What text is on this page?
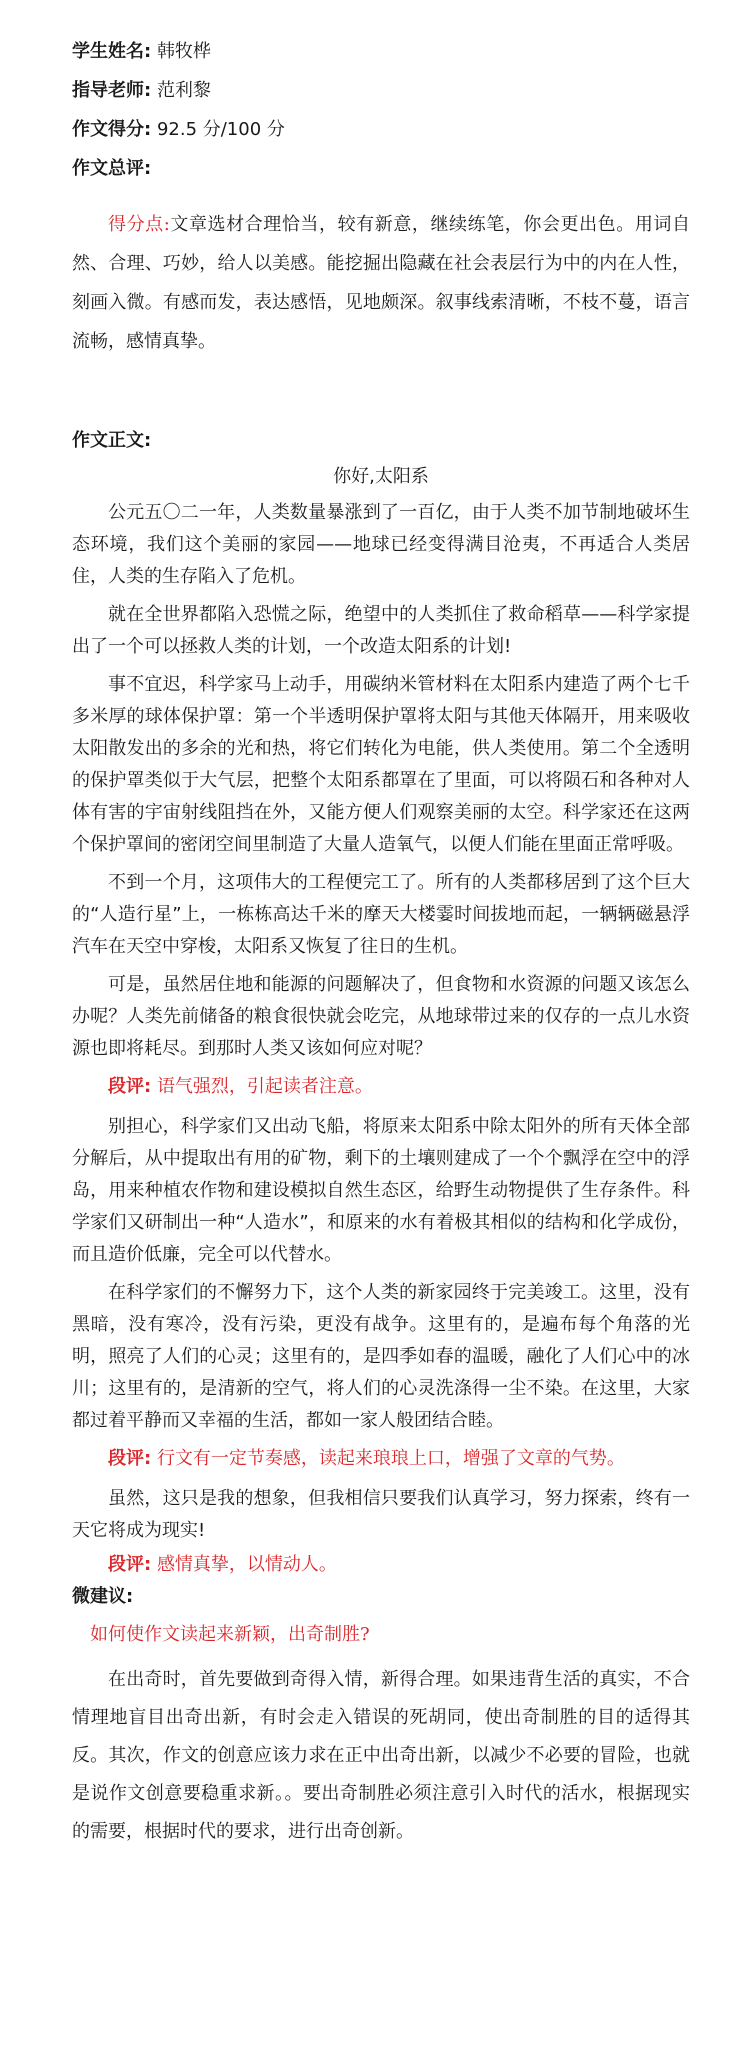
学生姓名: 韩牧桦
指导老师: 范利黎
作文得分: 92.5 分/100 分
作文总评:
得分点:文章选材合理恰当，较有新意，继续练笔，你会更出色。用词自然、合理、巧妙，给人以美感。能挖掘出隐藏在社会表层行为中的内在人性，刻画入微。有感而发，表达感悟，见地颇深。叙事线索清晰，不枝不蔓，语言流畅，感情真挚。
作文正文:
你好,太阳系

公元五〇二一年，人类数量暴涨到了一百亿，由于人类不加节制地破坏生态环境，我们这个美丽的家园——地球已经变得满目沧夷，不再适合人类居住，人类的生存陷入了危机。

就在全世界都陷入恐慌之际，绝望中的人类抓住了救命稻草——科学家提出了一个可以拯救人类的计划，一个改造太阳系的计划!

事不宜迟，科学家马上动手，用碳纳米管材料在太阳系内建造了两个七千多米厚的球体保护罩：第一个半透明保护罩将太阳与其他天体隔开，用来吸收太阳散发出的多余的光和热，将它们转化为电能，供人类使用。第二个全透明的保护罩类似于大气层，把整个太阳系都罩在了里面，可以将陨石和各种对人体有害的宇宙射线阻挡在外，又能方便人们观察美丽的太空。科学家还在这两个保护罩间的密闭空间里制造了大量人造氧气，以便人们能在里面正常呼吸。

不到一个月，这项伟大的工程便完工了。所有的人类都移居到了这个巨大的“人造行星”上，一栋栋高达千米的摩天大楼霎时间拔地而起，一辆辆磁悬浮汽车在天空中穿梭，太阳系又恢复了往日的生机。

可是，虽然居住地和能源的问题解决了，但食物和水资源的问题又该怎么办呢？人类先前储备的粮食很快就会吃完，从地球带过来的仅存的一点儿水资源也即将耗尽。到那时人类又该如何应对呢？

段评: 语气强烈，引起读者注意。

别担心，科学家们又出动飞船，将原来太阳系中除太阳外的所有天体全部分解后，从中提取出有用的矿物，剩下的土壤则建成了一个个飘浮在空中的浮岛，用来种植农作物和建设模拟自然生态区，给野生动物提供了生存条件。科学家们又研制出一种“人造水”，和原来的水有着极其相似的结构和化学成份，而且造价低廉，完全可以代替水。

在科学家们的不懈努力下，这个人类的新家园终于完美竣工。这里，没有黑暗，没有寒冷，没有污染，更没有战争。这里有的，是遍布每个角落的光明，照亮了人们的心灵；这里有的，是四季如春的温暖，融化了人们心中的冰川；这里有的，是清新的空气，将人们的心灵洗涤得一尘不染。在这里，大家都过着平静而又幸福的生活，都如一家人般团结合睦。

段评: 行文有一定节奏感，读起来琅琅上口，增强了文章的气势。

虽然，这只是我的想象，但我相信只要我们认真学习，努力探索，终有一天它将成为现实!

段评: 感情真挚，以情动人。
微建议:
如何使作文读起来新颖，出奇制胜?
在出奇时，首先要做到奇得入情，新得合理。如果违背生活的真实，不合情理地盲目出奇出新，有时会走入错误的死胡同，使出奇制胜的目的适得其反。其次，作文的创意应该力求在正中出奇出新，以减少不必要的冒险，也就是说作文创意要稳重求新。。要出奇制胜必须注意引入时代的活水，根据现实的需要，根据时代的要求，进行出奇创新。
